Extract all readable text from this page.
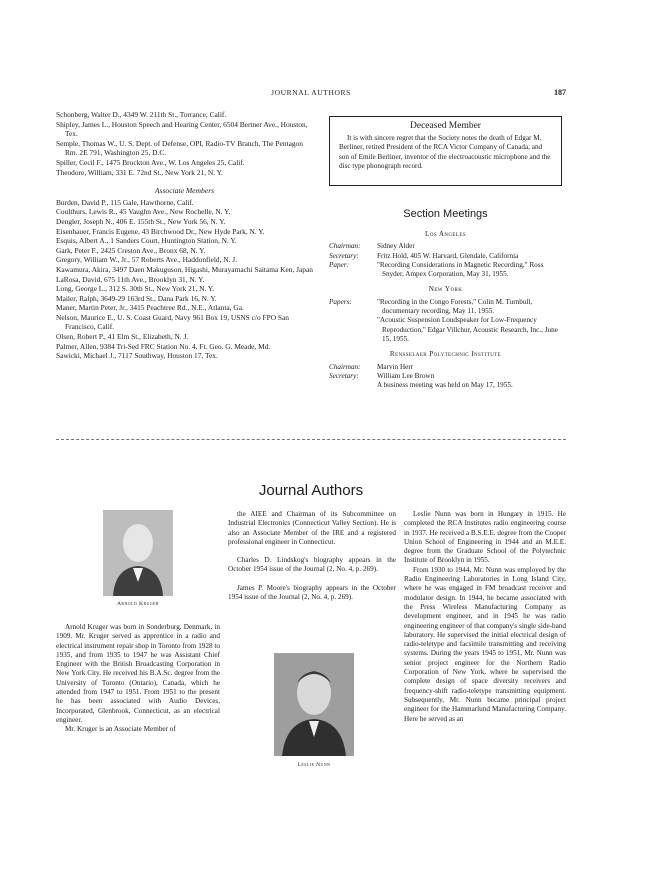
JOURNAL AUTHORS	187

Schonberg, Walter D., 4349 W. 211th St., Torrance, Calif.

Shipley, James L., Houston Speech and Hearing Center, 6504 Bertner Ave., Houston, Tex.

Semple, Thomas W., U. S. Dept. of Defense, OPI, Radio-TV Branch, The Pentagon Rm. 2E 791, Washington 25, D.C.

Spiller, Cecil F., 1475 Brockton Ave., W. Los Angeles 25, Calif.

Theodore, William, 331 E. 72nd St., New York 21, N. Y.

Associate Members

Burden, David P., 115 Gale, Hawthorne, Calif.

Coulthurs, Lewis R., 45 Vaughn Ave., New Rochelle, N. Y.

Dengler, Joseph N., 406 E. 155th St., New York 56, N. Y.

Eisenhauer, Francis Eugene, 43 Birchwood Dr., New Hyde Park, N. Y.

Esquis, Albert A., 1 Sanders Court, Huntington Station, N. Y.

Gark, Peter F., 2425 Creston Ave., Bronx 68, N. Y.

Gregory, William W., Jr., 57 Roberts Ave., Haddonfield, N. J.

Kawamura, Akira, 3497 Daen Makuguson, Higashi, Murayamachi Saitama Ken, Japan

LaRosa, David, 675 11th Ave., Brooklyn 31, N. Y.

Long, George L., 312 S. 30th St., New York 21, N. Y.

Mailer, Ralph, 3649-29 163rd St., Dana Park 16, N. Y.

Maner, Martin Peter, Jr., 3415 Peachtree Rd., N.E., Atlanta, Ga.

Nelson, Maurice E., U. S. Coast Guard, Navy 961 Box 19, USNS c/o FPO San Francisco, Calif.

Olsen, Robert P., 41 Elm St., Elizabeth, N. J.

Palmer, Allen, 9384 Tri-Sed FRC Station No. 4, Ft. Geo. G. Meade, Md.

Sawicki, Michael J., 7117 Southway, Houston 17, Tex.

Deceased Member

It is with sincere regret that the Society notes the death of Edgar M. Berliner, retired President of the RCA Victor Company of Canada, and son of Emile Berliner, inventor of the electroacoustic microphone and the disc type phonograph record.

Section Meetings

Los Angeles

Chairman:	Sidney Alder
Secretary:	Fritz Hold, 405 W. Harvard, Glendale, California
Paper:	"Recording Considerations in Magnetic Recording," Ross Snyder, Ampex Corporation, May 31, 1955.

New York

Papers:	"Recording in the Congo Forests," Colin M. Turnbull, documentary recording, May 11, 1955.
"Acoustic Suspension Loudspeaker for Low-Frequency Reproduction," Edgar Villchur, Acoustic Research, Inc., June 15, 1955.

Rensselaer Polytechnic Institute

Chairman:	Marvin Herr
Secretary:	William Lee Brown
A business meeting was held on May 17, 1955.
Journal Authors
Arnold Kruger
Leslie Nunn

Arnold Kruger was born in Sonderburg, Denmark, in 1909. Mr. Kruger served as apprentice in a radio and electrical instrument repair shop in Toronto from 1928 to 1935, and from 1935 to 1947 he was Assistant Chief Engineer with the British Broadcasting Corporation in New York City. He received his B.A.Sc. degree from the University of Toronto (Ontario), Canada, which he attended from 1947 to 1951. From 1951 to the present he has been associated with Audio Devices, Incorporated, Glenbrook, Connecticut, as an electrical engineer.

Mr. Kruger is an Associate Member of

the AIEE and Chairman of its Subcommittee on Industrial Electronics (Connecticut Valley Section). He is also an Associate Member of the IRE and a registered professional engineer in Connecticut.

Charles D. Lindskog's biography appears in the October 1954 issue of the Journal (2, No. 4, p. 269).

James P. Moore's biography appears in the October 1954 issue of the Journal (2, No. 4, p. 269).

Leslie Nunn was born in Hungary in 1915. He completed the RCA Institutes radio engineering course in 1937. He received a B.S.E.E. degree from the Cooper Union School of Engineering in 1944 and an M.E.E. degree from the Graduate School of the Polytechnic Institute of Brooklyn in 1955.

From 1930 to 1944, Mr. Nunn was employed by the Radio Engineering Laboratories in Long Island City, where he was engaged in FM broadcast receiver and modulator design. In 1944, he became associated with the Press Wireless Manufacturing Company as development engineer, and in 1945 he was radio engineering engineer of that company's single side-band laboratory. He supervised the initial electrical design of radio-teletype and facsimile transmitting and receiving systems. During the years 1945 to 1951, Mr. Nunn was senior project engineer for the Northern Radio Corporation of New York, where he supervised the complete design of space diversity receivers and frequency-shift radio-teletype transmitting equipment. Subsequently, Mr. Nunn became principal project engineer for the Hammarlund Manufacturing Company. Here he served as an
